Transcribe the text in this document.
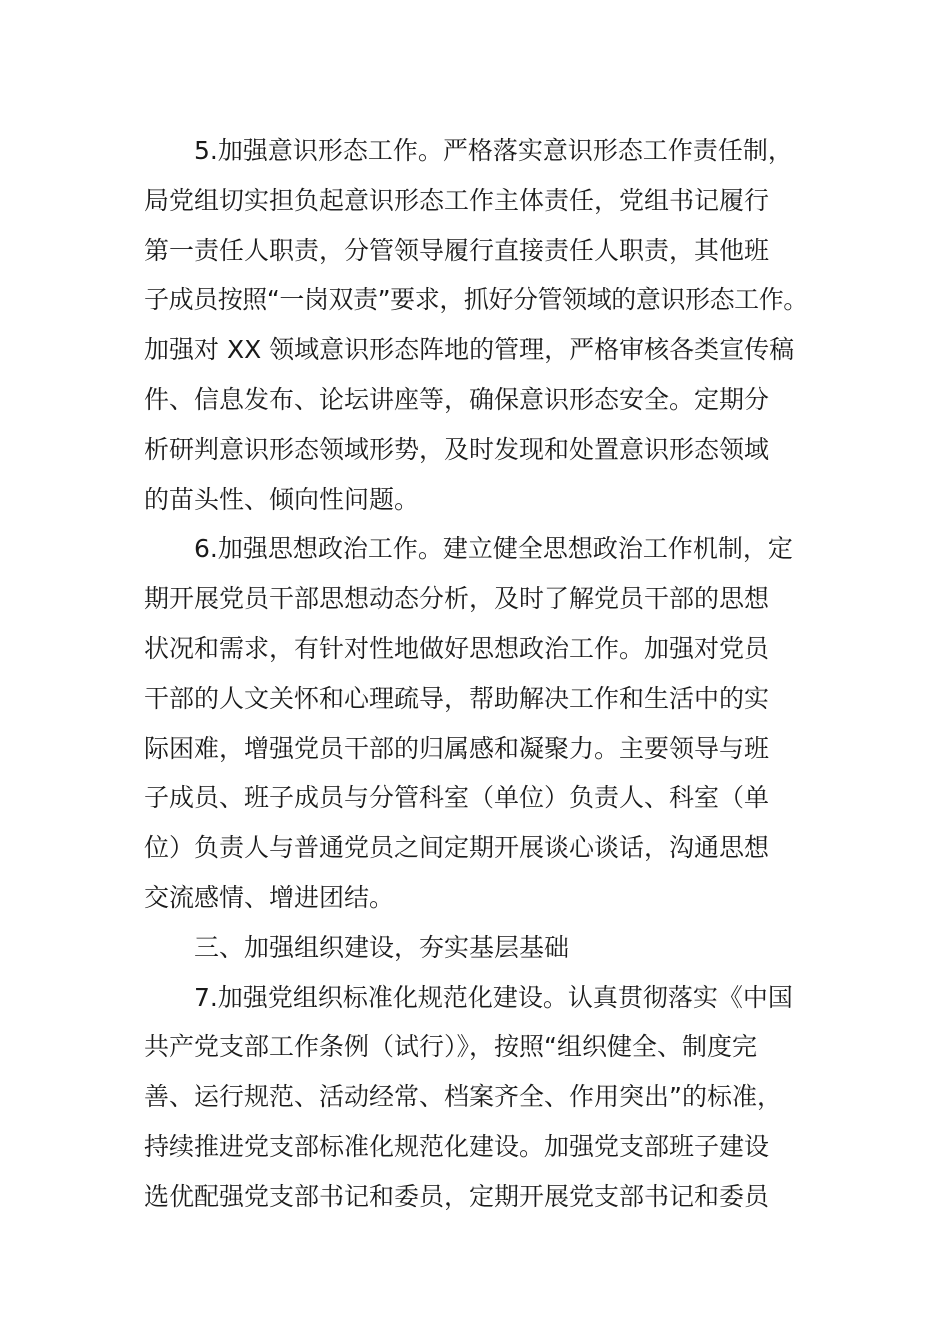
5.加强意识形态工作。严格落实意识形态工作责任制，
局党组切实担负起意识形态工作主体责任，党组书记履行
第一责任人职责，分管领导履行直接责任人职责，其他班
子成员按照“一岗双责”要求，抓好分管领域的意识形态工作。
加强对 XX 领域意识形态阵地的管理，严格审核各类宣传稿
件、信息发布、论坛讲座等，确保意识形态安全。定期分
析研判意识形态领域形势，及时发现和处置意识形态领域
的苗头性、倾向性问题。
6.加强思想政治工作。建立健全思想政治工作机制，定
期开展党员干部思想动态分析，及时了解党员干部的思想
状况和需求，有针对性地做好思想政治工作。加强对党员
干部的人文关怀和心理疏导，帮助解决工作和生活中的实
际困难，增强党员干部的归属感和凝聚力。主要领导与班
子成员、班子成员与分管科室（单位）负责人、科室（单
位）负责人与普通党员之间定期开展谈心谈话，沟通思想
交流感情、增进团结。
三、加强组织建设，夯实基层基础
7.加强党组织标准化规范化建设。认真贯彻落实《中国
共产党支部工作条例（试行）》，按照“组织健全、制度完
善、运行规范、活动经常、档案齐全、作用突出”的标准，
持续推进党支部标准化规范化建设。加强党支部班子建设
选优配强党支部书记和委员，定期开展党支部书记和委员
